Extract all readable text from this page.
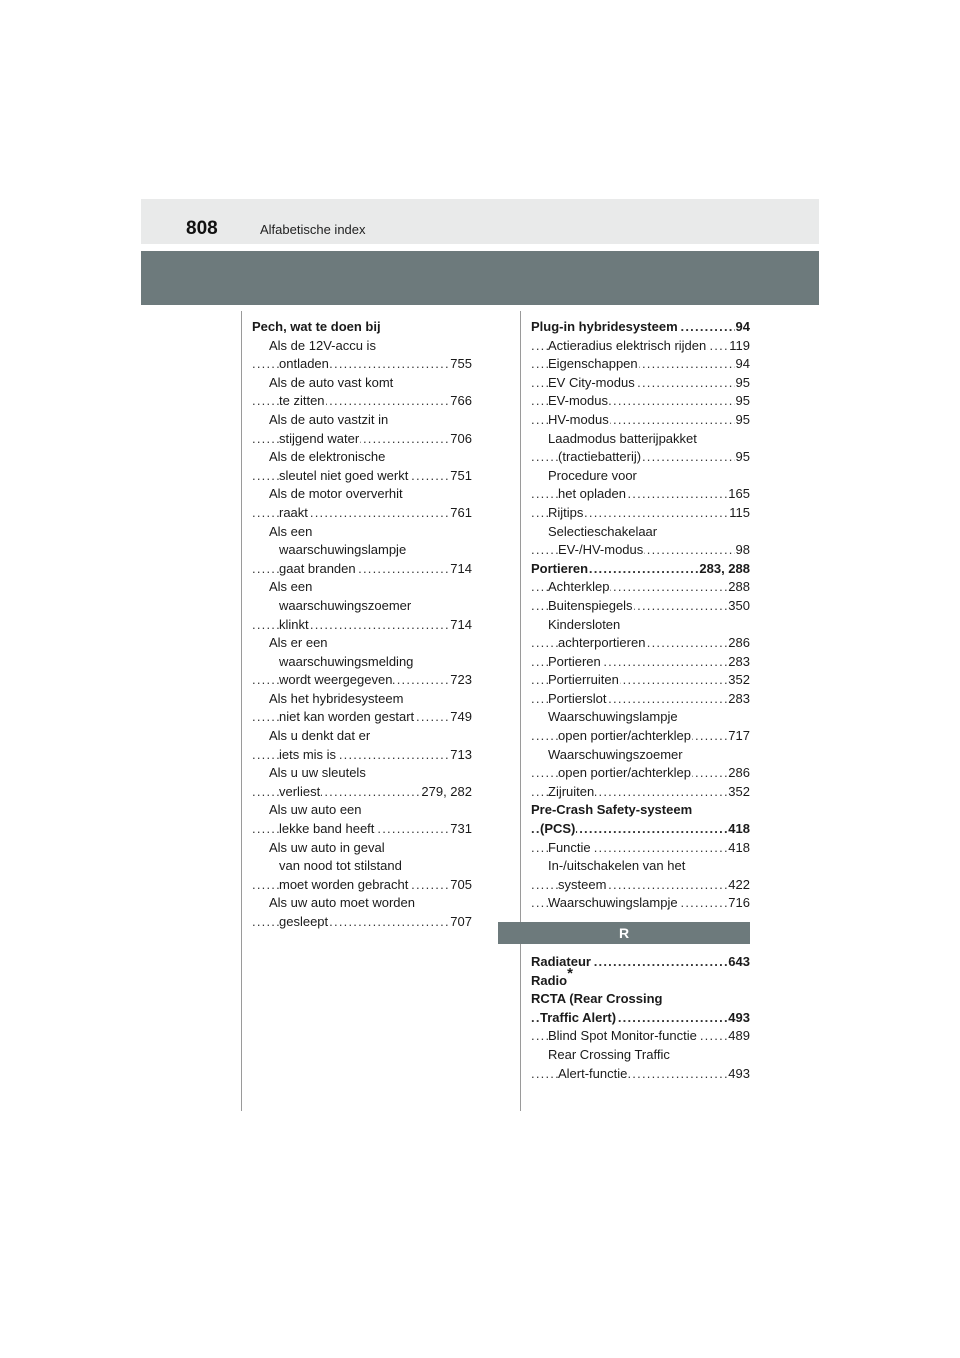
808	Alfabetische index
Pech, wat te doen bij
Als de 12V-accu is
. . . ontladen	755
Als de auto vast komt
. . . te zitten	766
Als de auto vastzit in
. . . stijgend water	706
Als de elektronische
. . . sleutel niet goed werkt	751
Als de motor oververhit
. . . raakt	761
Als een
waarschuwingslampje
. . . gaat branden	714
Als een
waarschuwingszoemer
. . . klinkt	714
Als er een
waarschuwingsmelding
. . . wordt weergegeven	723
Als het hybridesysteem
. . . niet kan worden gestart	749
Als u denkt dat er
. . . iets mis is	713
Als u uw sleutels
. . . verliest	279, 282
Als uw auto een
. . . lekke band heeft	731
Als uw auto in geval
van nood tot stilstand
. . . moet worden gebracht	705
Als uw auto moet worden
. . . gesleept	707
. . . Plug-in hybridesysteem	94
. . . Actieradius elektrisch rijden 119
. . . Eigenschappen	94
. . . EV City-modus	95
. . . EV-modus	95
. . . HV-modus	95
Laadmodus batterijpakket
. . . (tractiebatterij)	95
Procedure voor
. . . het opladen	165
. . . Rijtips	115
Selectieschakelaar
. . . EV-/HV-modus	98
. . . Portieren	283, 288
. . . Achterklep	288
. . . Buitenspiegels	350
Kindersloten
. . . achterportieren	286
. . . Portieren	283
. . . Portierruiten	352
. . . Portierslot	283
Waarschuwingslampje
. . . open portier/achterklep	717
Waarschuwingszoemer
. . . open portier/achterklep	286
. . . Zijruiten	352
Pre-Crash Safety-systeem
. . . (PCS)	418
. . . Functie	418
In-/uitschakelen van het
. . . systeem	422
. . . Waarschuwingslampje	716
R
. . . Radiateur	643
Radio*
RCTA (Rear Crossing
. . . Traffic Alert)	493
. . . Blind Spot Monitor-functie 489
Rear Crossing Traffic
. . . Alert-functie	493
